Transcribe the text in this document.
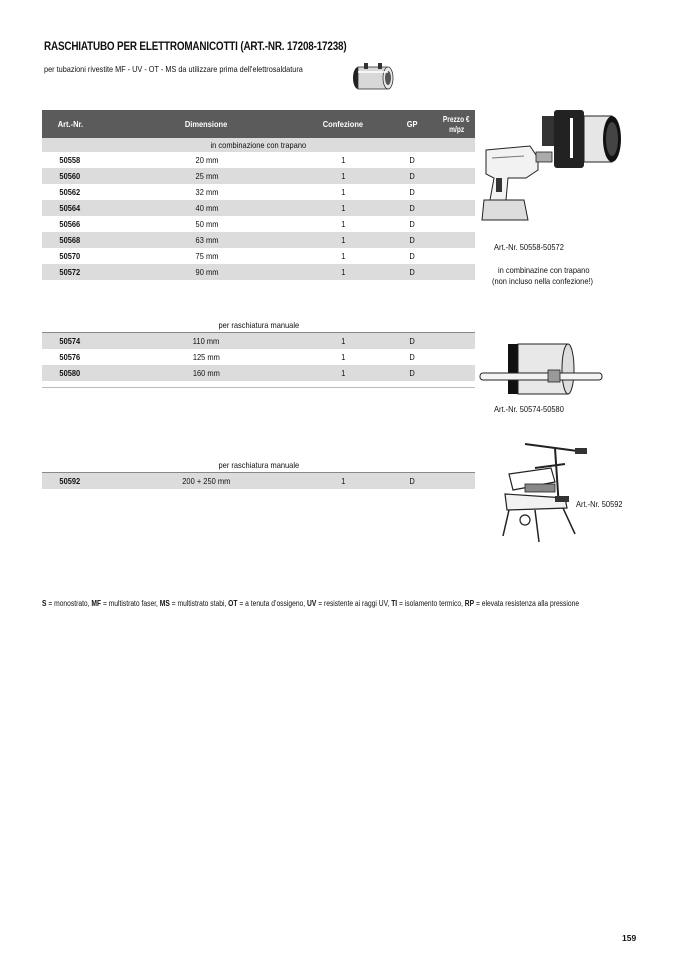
RASCHIATUBO PER ELETTROMANICOTTI (ART.-NR. 17208-17238)
per tubazioni rivestite MF - UV - OT - MS da utilizzare prima dell'elettrosaldatura
Art.-Nr.	Dimensione	Confezione	GP	Prezzo €
m/pz
in combinazione con trapano				
50558	20 mm	1	D	
50560	25 mm	1	D	
50562	32 mm	1	D	
50564	40 mm	1	D	
50566	50 mm	1	D	
50568	63 mm	1	D	
50570	75 mm	1	D	
50572	90 mm	1	D	
per raschiatura manuale				
50574	110 mm	1	D	
50576	125 mm	1	D	
50580	160 mm	1	D	

per raschiatura manuale
50592	200 + 250 mm	1	D	
Art.-Nr. 50558-50572
in combinazine con trapano
(non incluso nella confezione!)
Art.-Nr. 50574-50580
Art.-Nr. 50592
S = monostrato, MF = multistrato faser, MS = multistrato stabi, OT = a tenuta d’ossigeno, UV = resistente ai raggi UV, TI = isolamento termico, RP = elevata resistenza alla pressione
159
